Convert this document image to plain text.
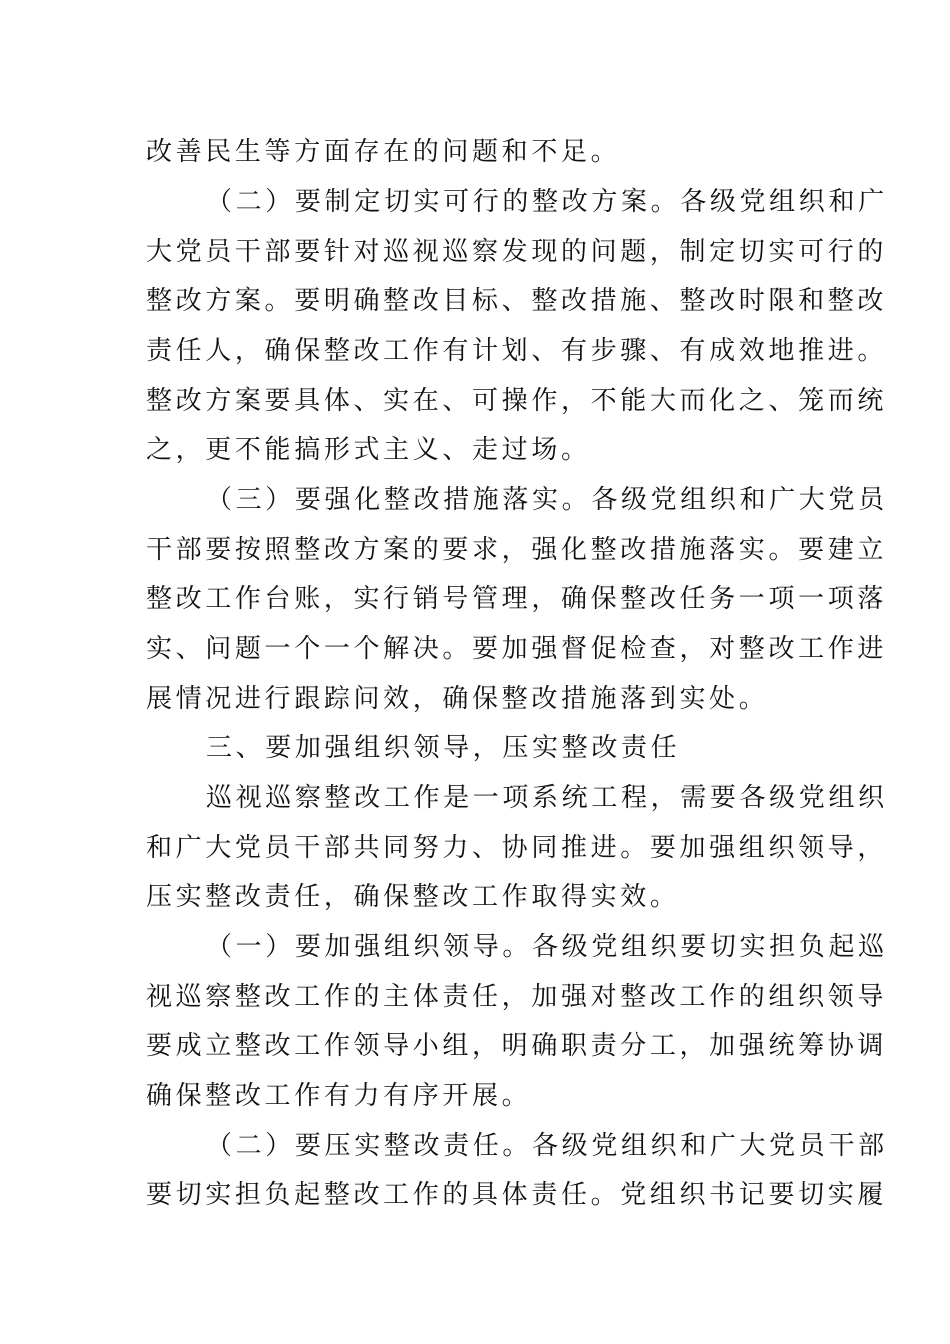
改善民生等方面存在的问题和不足。
（二）要制定切实可行的整改方案。各级党组织和广
大党员干部要针对巡视巡察发现的问题，制定切实可行的
整改方案。要明确整改目标、整改措施、整改时限和整改
责任人，确保整改工作有计划、有步骤、有成效地推进。
整改方案要具体、实在、可操作，不能大而化之、笼而统
之，更不能搞形式主义、走过场。
（三）要强化整改措施落实。各级党组织和广大党员
干部要按照整改方案的要求，强化整改措施落实。要建立
整改工作台账，实行销号管理，确保整改任务一项一项落
实、问题一个一个解决。要加强督促检查，对整改工作进
展情况进行跟踪问效，确保整改措施落到实处。
三、要加强组织领导，压实整改责任
巡视巡察整改工作是一项系统工程，需要各级党组织
和广大党员干部共同努力、协同推进。要加强组织领导，
压实整改责任，确保整改工作取得实效。
（一）要加强组织领导。各级党组织要切实担负起巡
视巡察整改工作的主体责任，加强对整改工作的组织领导
要成立整改工作领导小组，明确职责分工，加强统筹协调
确保整改工作有力有序开展。
（二）要压实整改责任。各级党组织和广大党员干部
要切实担负起整改工作的具体责任。党组织书记要切实履
